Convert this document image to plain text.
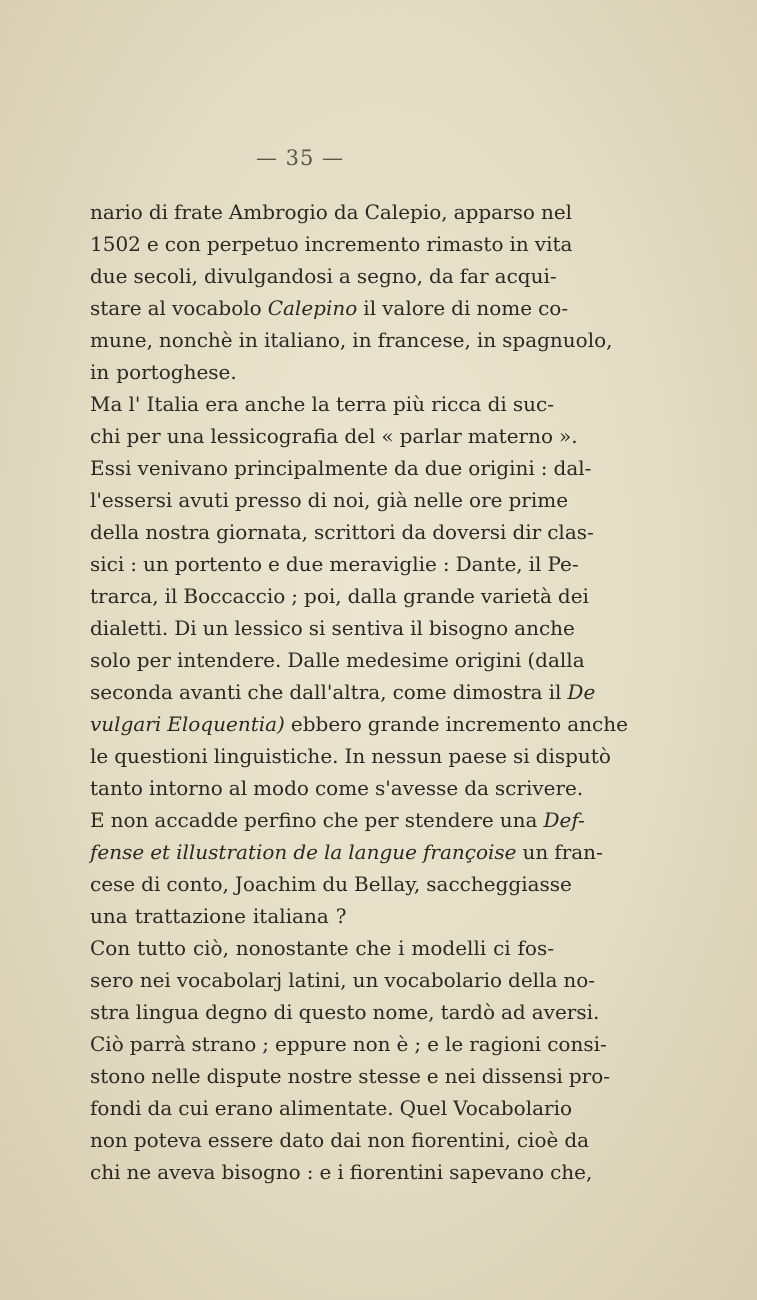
— 35 —
nario di frate Ambrogio da Calepio, apparso nel
1502 e con perpetuo incremento rimasto in vita
due secoli, divulgandosi a segno, da far acqui-
stare al vocabolo Calepino il valore di nome co-
mune, nonchè in italiano, in francese, in spagnuolo,
in portoghese.
Ma l' Italia era anche la terra più ricca di suc-
chi per una lessicografia del « parlar materno ».
Essi venivano principalmente da due origini : dal-
l'essersi avuti presso di noi, già nelle ore prime
della nostra giornata, scrittori da doversi dir clas-
sici : un portento e due meraviglie : Dante, il Pe-
trarca, il Boccaccio ; poi, dalla grande varietà dei
dialetti. Di un lessico si sentiva il bisogno anche
solo per intendere. Dalle medesime origini (dalla
seconda avanti che dall'altra, come dimostra il De
vulgari Eloquentia) ebbero grande incremento anche
le questioni linguistiche. In nessun paese si disputò
tanto intorno al modo come s'avesse da scrivere.
E non accadde perfino che per stendere una Def-
fense et illustration de la langue françoise un fran-
cese di conto, Joachim du Bellay, saccheggiasse
una trattazione italiana ?
Con tutto ciò, nonostante che i modelli ci fos-
sero nei vocabolarj latini, un vocabolario della no-
stra lingua degno di questo nome, tardò ad aversi.
Ciò parrà strano ; eppure non è ; e le ragioni consi-
stono nelle dispute nostre stesse e nei dissensi pro-
fondi da cui erano alimentate. Quel Vocabolario
non poteva essere dato dai non fiorentini, cioè da
chi ne aveva bisogno : e i fiorentini sapevano che,
